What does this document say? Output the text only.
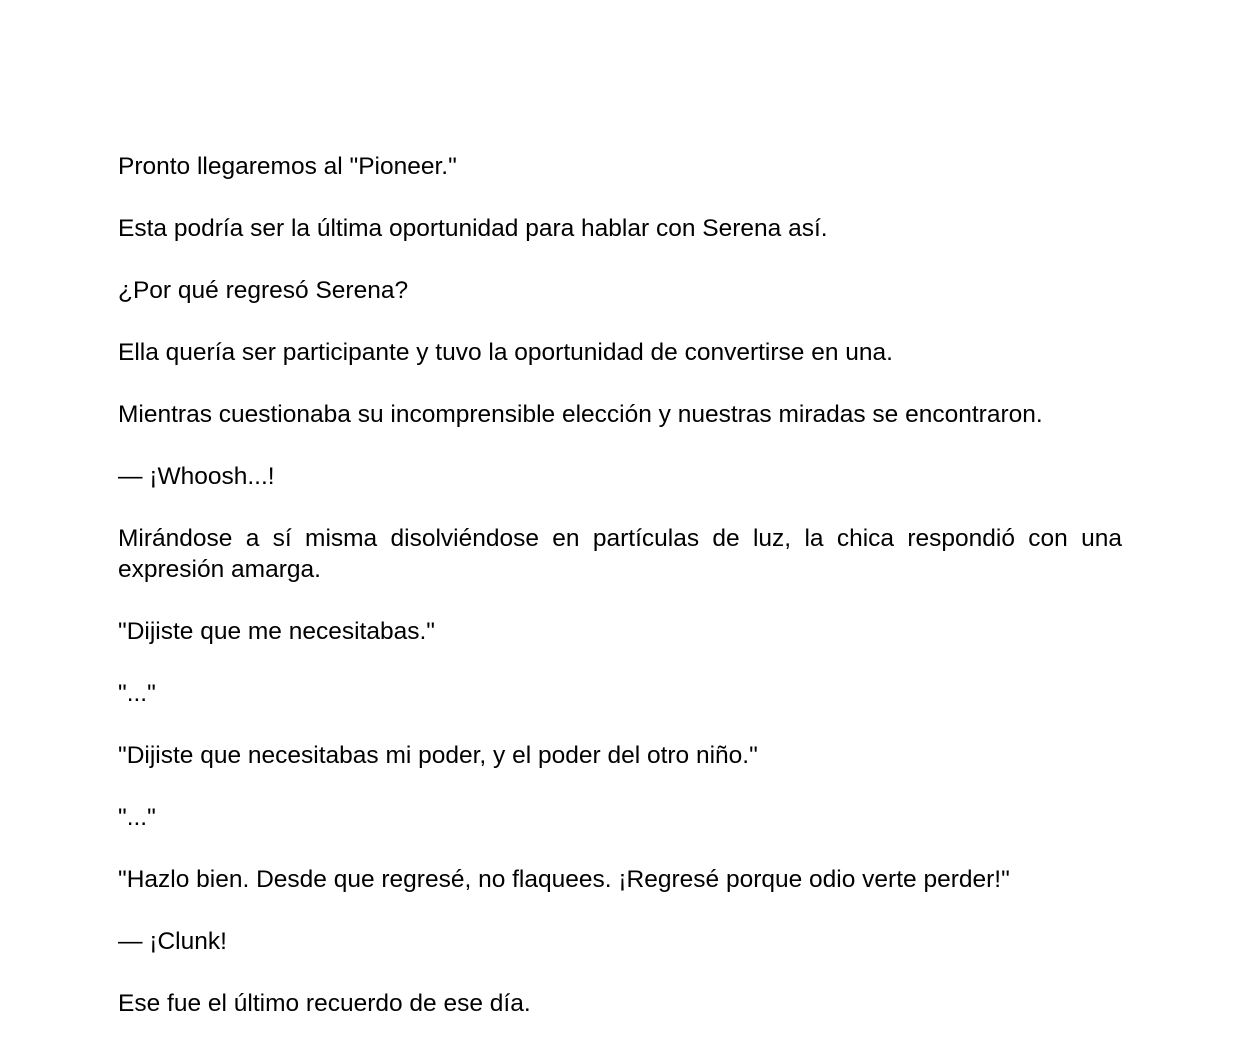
Pronto llegaremos al "Pioneer."

Esta podría ser la última oportunidad para hablar con Serena así.

¿Por qué regresó Serena?

Ella quería ser participante y tuvo la oportunidad de convertirse en una.

Mientras cuestionaba su incomprensible elección y nuestras miradas se encontraron.

— ¡Whoosh...!

Mirándose a sí misma disolviéndose en partículas de luz, la chica respondió con una expresión amarga.

"Dijiste que me necesitabas."

"..."

"Dijiste que necesitabas mi poder, y el poder del otro niño."

"..."

"Hazlo bien. Desde que regresé, no flaquees. ¡Regresé porque odio verte perder!"

— ¡Clunk!

Ese fue el último recuerdo de ese día.
